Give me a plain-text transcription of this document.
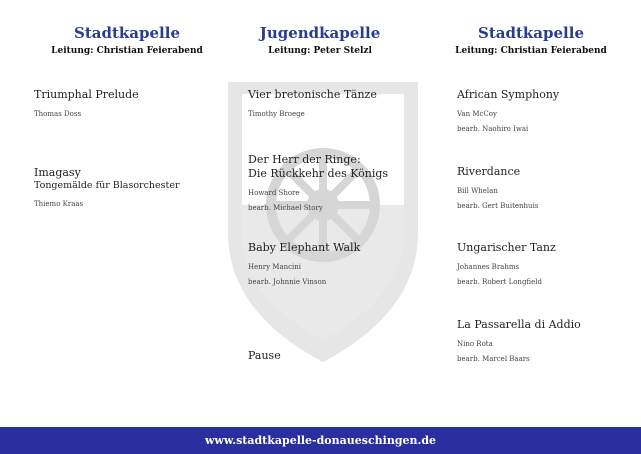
Stadtkapelle
Leitung: Christian Feierabend
Triumphal Prelude
Thomas Doss
Imagasy
Tongemälde für Blasorchester
Thiemo Kraas
Jugendkapelle
Leitung: Peter Stelzl
Vier bretonische Tänze
Timothy Broege
Der Herr der Ringe:
Die Rückkehr des Königs
Howard Shore
bearb. Michael Story
Baby Elephant Walk
Henry Mancini
bearb. Johnnie Vinson
Pause
Stadtkapelle
Leitung: Christian Feierabend
African Symphony
Van McCoy
bearb. Naohiro Iwai
Riverdance
Bill Whelan
bearb. Gert Buitenhuis
Ungarischer Tanz
Johannes Brahms
bearb. Robert Longfield
La Passarella di Addio
Nino Rota
bearb. Marcel Baars
www.stadtkapelle-donaueschingen.de
